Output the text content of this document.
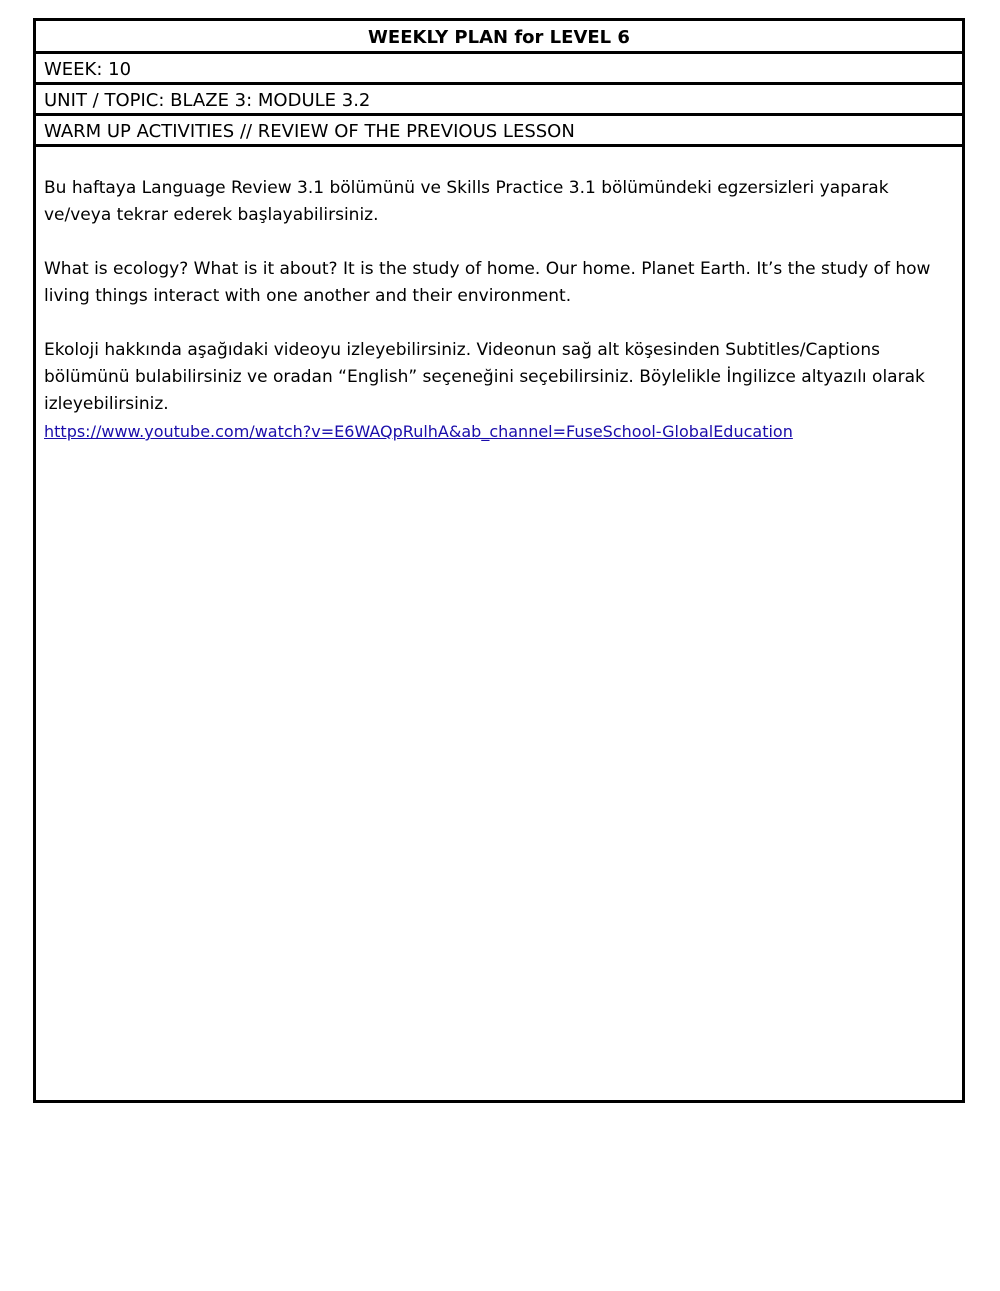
WEEKLY PLAN for LEVEL 6
WEEK: 10
UNIT / TOPIC: BLAZE 3: MODULE 3.2
WARM UP ACTIVITIES // REVIEW OF THE PREVIOUS LESSON

Bu haftaya Language Review 3.1 bölümünü ve Skills Practice 3.1 bölümündeki egzersizleri yaparak ve/veya tekrar ederek başlayabilirsiniz.

What is ecology? What is it about? It is the study of home. Our home. Planet Earth. It’s the study of how living things interact with one another and their environment.

Ekoloji hakkında aşağıdaki videoyu izleyebilirsiniz. Videonun sağ alt köşesinden Subtitles/Captions bölümünü bulabilirsiniz ve oradan “English” seçeneğini seçebilirsiniz. Böylelikle İngilizce altyazılı olarak izleyebilirsiniz.

https://www.youtube.com/watch?v=E6WAQpRulhA&ab_channel=FuseSchool-GlobalEducation
